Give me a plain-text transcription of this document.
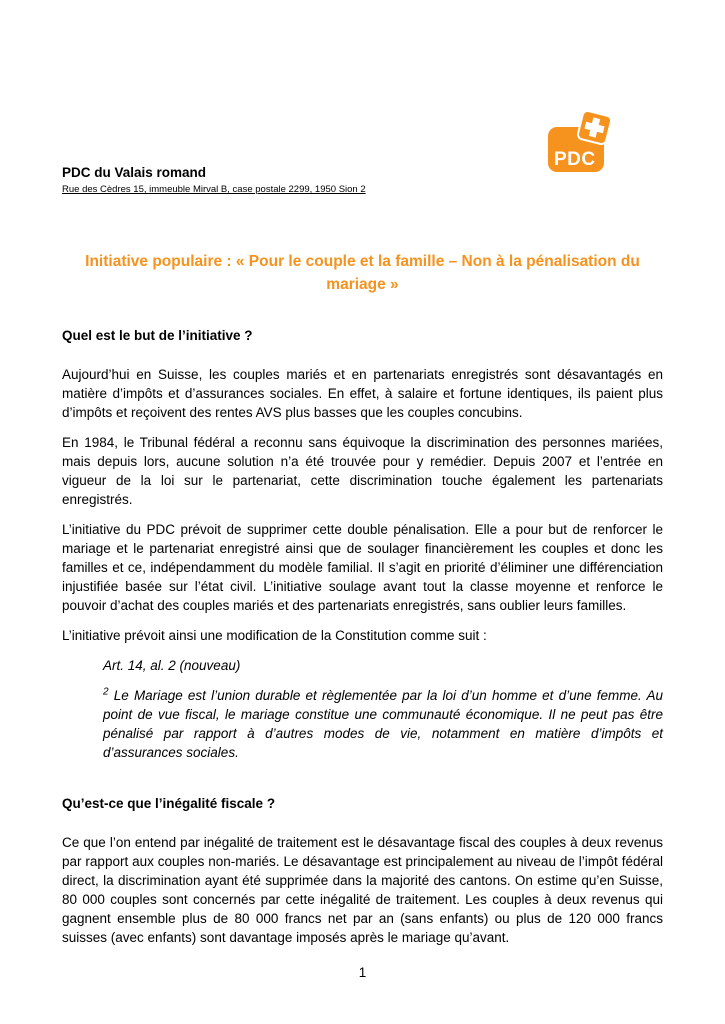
PDC
PDC du Valais romand
Rue des Cèdres 15, immeuble Mirval B, case postale 2299, 1950 Sion 2
Initiative populaire : « Pour le couple et la famille – Non à la pénalisation du mariage »
Quel est le but de l’initiative ?

Aujourd’hui en Suisse, les couples mariés et en partenariats enregistrés sont désavantagés en matière d’impôts et d’assurances sociales. En effet, à salaire et fortune identiques, ils paient plus d’impôts et reçoivent des rentes AVS plus basses que les couples concubins.

En 1984, le Tribunal fédéral a reconnu sans équivoque la discrimination des personnes mariées, mais depuis lors, aucune solution n’a été trouvée pour y remédier. Depuis 2007 et l’entrée en vigueur de la loi sur le partenariat, cette discrimination touche également les partenariats enregistrés.

L’initiative du PDC prévoit de supprimer cette double pénalisation. Elle a pour but de renforcer le mariage et le partenariat enregistré ainsi que de soulager financièrement les couples et donc les familles et ce, indépendamment du modèle familial. Il s’agit en priorité d’éliminer une différenciation injustifiée basée sur l’état civil. L’initiative soulage avant tout la classe moyenne et renforce le pouvoir d’achat des couples mariés et des partenariats enregistrés, sans oublier leurs familles.

L’initiative prévoit ainsi une modification de la Constitution comme suit :

Art. 14, al. 2 (nouveau)

$^2$ Le Mariage est l’union durable et règlementée par la loi d’un homme et d’une femme. Au point de vue fiscal, le mariage constitue une communauté économique. Il ne peut pas être pénalisé par rapport à d’autres modes de vie, notamment en matière d’impôts et d’assurances sociales.

Qu’est-ce que l’inégalité fiscale ?

Ce que l’on entend par inégalité de traitement est le désavantage fiscal des couples à deux revenus par rapport aux couples non-mariés. Le désavantage est principalement au niveau de l’impôt fédéral direct, la discrimination ayant été supprimée dans la majorité des cantons. On estime qu’en Suisse, 80 000 couples sont concernés par cette inégalité de traitement. Les couples à deux revenus qui gagnent ensemble plus de 80 000 francs net par an (sans enfants) ou plus de 120 000 francs suisses (avec enfants) sont davantage imposés après le mariage qu’avant.

1
